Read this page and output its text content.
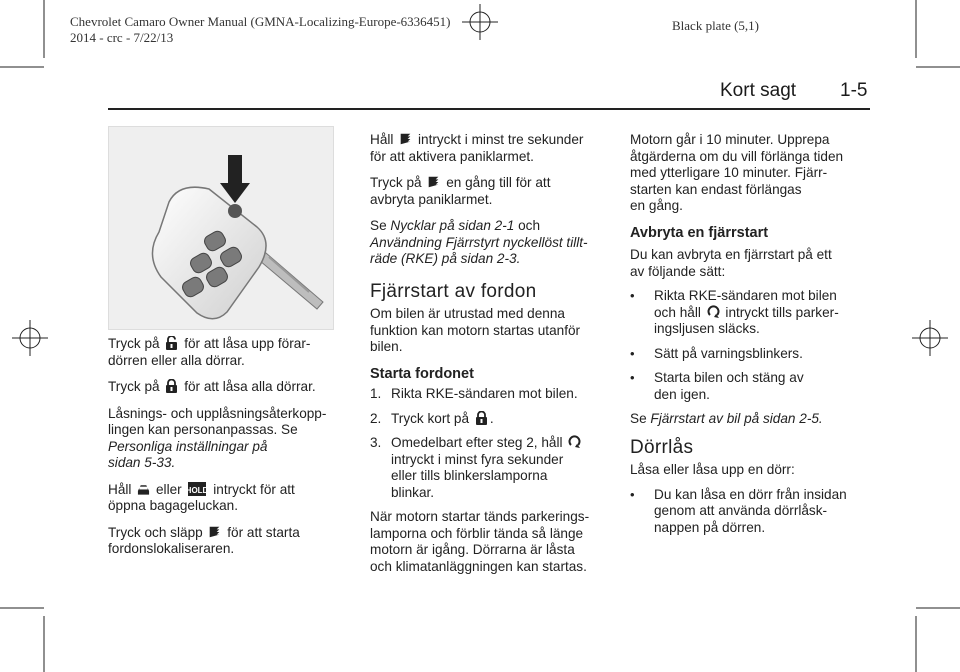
Chevrolet Camaro Owner Manual (GMNA-Localizing-Europe-6336451)
2014 - crc - 7/22/13
Black plate (5,1)
Kort sagt 1-5

Tryck på för att låsa upp förar-
dörren eller alla dörrar.

Tryck på för att låsa alla dörrar.

Låsnings- och upplåsningsåterkopp-
lingen kan personanpassas. Se
Personliga inställningar på
sidan 5-33.

Håll eller intryckt för att
öppna bagageluckan.

Tryck och släpp för att starta
fordonslokaliseraren.

Håll intryckt i minst tre sekunder
för att aktivera paniklarmet.

Tryck på en gång till för att
avbryta paniklarmet.

Se Nycklar på sidan 2-1 och
Användning Fjärrstyrt nyckellöst tillt-
räde (RKE) på sidan 2-3.

Fjärrstart av fordon

Om bilen är utrustad med denna
funktion kan motorn startas utanför
bilen.

Starta fordonet
1. Rikta RKE-sändaren mot bilen.
2. Tryck kort på .
3. Omedelbart efter steg 2, håll
intryckt i minst fyra sekunder
eller tills blinkerslamporna
blinkar.

När motorn startar tänds parkerings-
lamporna och förblir tända så länge
motorn är igång. Dörrarna är låsta
och klimatanläggningen kan startas.

Motorn går i 10 minuter. Upprepa
åtgärderna om du vill förlänga tiden
med ytterligare 10 minuter. Fjärr-
starten kan endast förlängas
en gång.

Avbryta en fjärrstart

Du kan avbryta en fjärrstart på ett
av följande sätt:

• Rikta RKE-sändaren mot bilen
och håll intryckt tills parker-
ingsljusen släcks.
• Sätt på varningsblinkers.
• Starta bilen och stäng av
den igen.

Se Fjärrstart av bil på sidan 2-5.

Dörrlås

Låsa eller låsa upp en dörr:

• Du kan låsa en dörr från insidan
genom att använda dörrlåsk-
nappen på dörren.
